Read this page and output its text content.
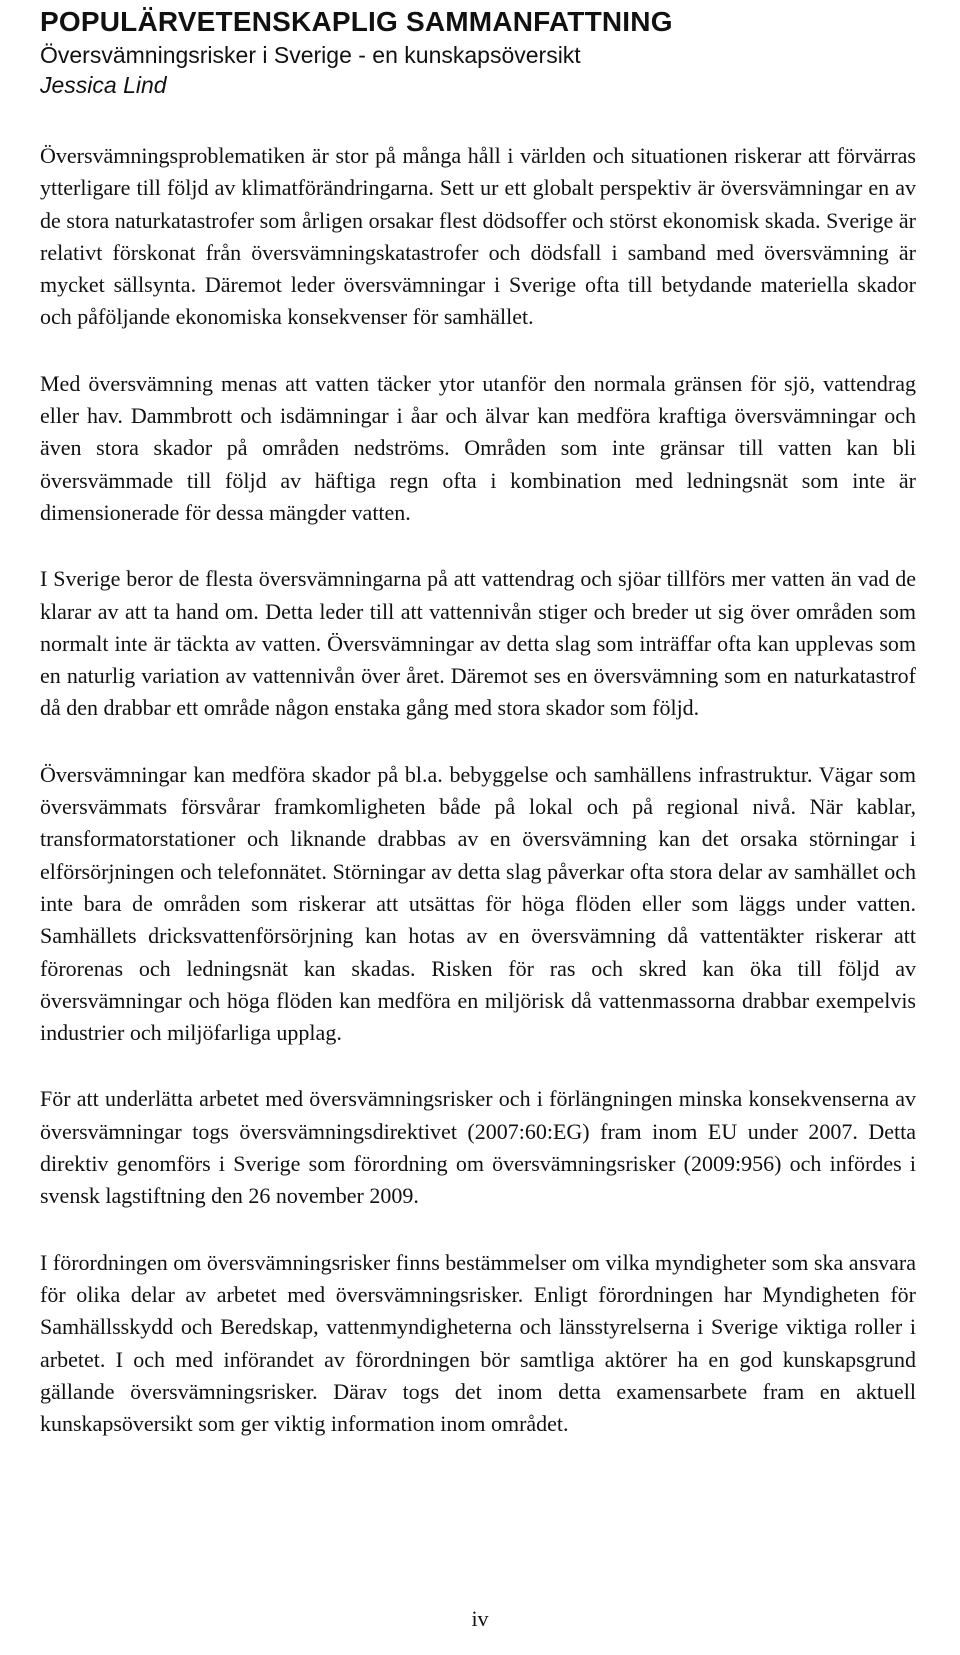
POPULÄRVETENSKAPLIG SAMMANFATTNING
Översvämningsrisker i Sverige - en kunskapsöversikt
Jessica Lind

Översvämningsproblematiken är stor på många håll i världen och situationen riskerar att förvärras ytterligare till följd av klimatförändringarna. Sett ur ett globalt perspektiv är översvämningar en av de stora naturkatastrofer som årligen orsakar flest dödsoffer och störst ekonomisk skada. Sverige är relativt förskonat från översvämningskatastrofer och dödsfall i samband med översvämning är mycket sällsynta. Däremot leder översvämningar i Sverige ofta till betydande materiella skador och påföljande ekonomiska konsekvenser för samhället.

Med översvämning menas att vatten täcker ytor utanför den normala gränsen för sjö, vattendrag eller hav. Dammbrott och isdämningar i åar och älvar kan medföra kraftiga översvämningar och även stora skador på områden nedströms. Områden som inte gränsar till vatten kan bli översvämmade till följd av häftiga regn ofta i kombination med ledningsnät som inte är dimensionerade för dessa mängder vatten.

I Sverige beror de flesta översvämningarna på att vattendrag och sjöar tillförs mer vatten än vad de klarar av att ta hand om. Detta leder till att vattennivån stiger och breder ut sig över områden som normalt inte är täckta av vatten. Översvämningar av detta slag som inträffar ofta kan upplevas som en naturlig variation av vattennivån över året. Däremot ses en översvämning som en naturkatastrof då den drabbar ett område någon enstaka gång med stora skador som följd.

Översvämningar kan medföra skador på bl.a. bebyggelse och samhällens infrastruktur. Vägar som översvämmats försvårar framkomligheten både på lokal och på regional nivå. När kablar, transformatorstationer och liknande drabbas av en översvämning kan det orsaka störningar i elförsörjningen och telefonnätet. Störningar av detta slag påverkar ofta stora delar av samhället och inte bara de områden som riskerar att utsättas för höga flöden eller som läggs under vatten. Samhällets dricksvattenförsörjning kan hotas av en översvämning då vattentäkter riskerar att förorenas och ledningsnät kan skadas. Risken för ras och skred kan öka till följd av översvämningar och höga flöden kan medföra en miljörisk då vattenmassorna drabbar exempelvis industrier och miljöfarliga upplag.

För att underlätta arbetet med översvämningsrisker och i förlängningen minska konsekvenserna av översvämningar togs översvämningsdirektivet (2007:60:EG) fram inom EU under 2007. Detta direktiv genomförs i Sverige som förordning om översvämningsrisker (2009:956) och infördes i svensk lagstiftning den 26 november 2009.

I förordningen om översvämningsrisker finns bestämmelser om vilka myndigheter som ska ansvara för olika delar av arbetet med översvämningsrisker. Enligt förordningen har Myndigheten för Samhällsskydd och Beredskap, vattenmyndigheterna och länsstyrelserna i Sverige viktiga roller i arbetet. I och med införandet av förordningen bör samtliga aktörer ha en god kunskapsgrund gällande översvämningsrisker. Därav togs det inom detta examensarbete fram en aktuell kunskapsöversikt som ger viktig information inom området.

iv
